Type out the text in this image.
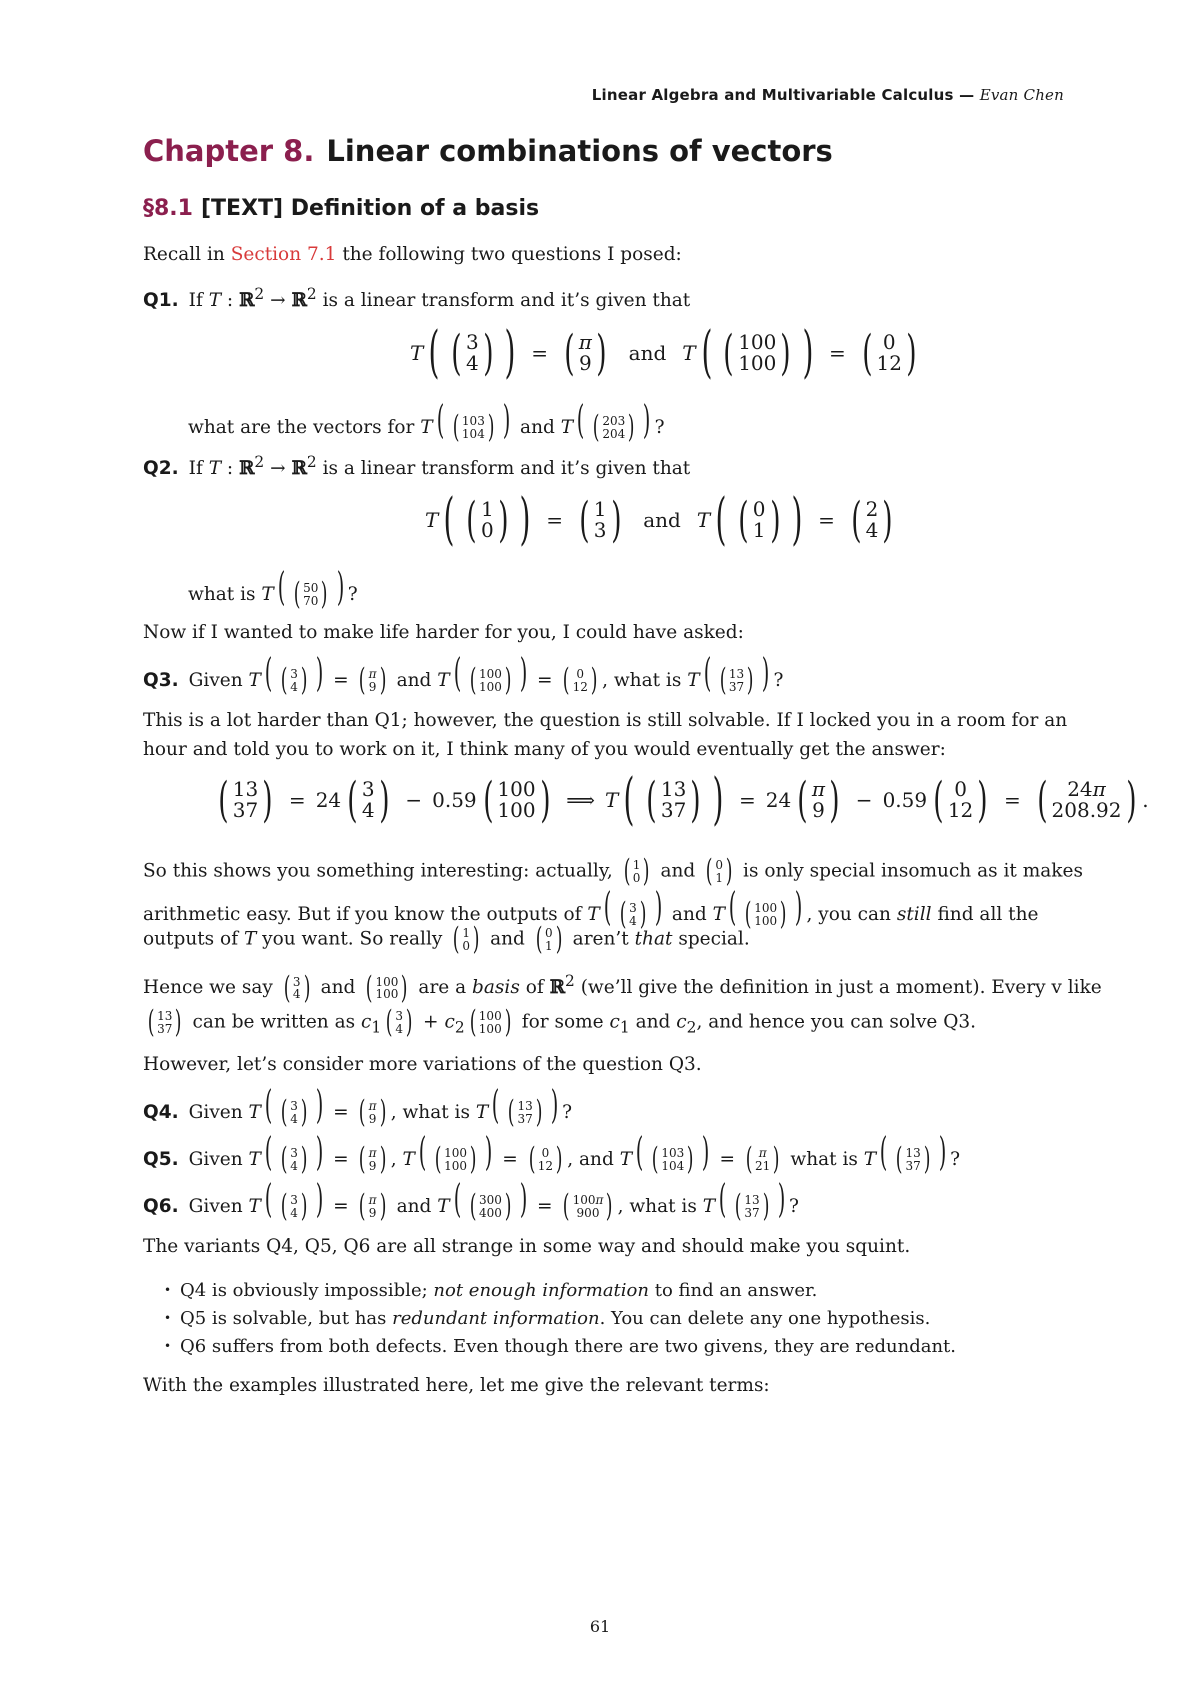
Linear Algebra and Multivariable Calculus — Evan Chen
Chapter 8. Linear combinations of vectors
§8.1 [TEXT] Definition of a basis
Recall in Section 7.1 the following two questions I posed:
Q1. If T : ℝ$^2$ → ℝ$^2$ is a linear transform and it’s given that
T ( ( 3
4 ) ) = ( π
9 ) and T ( ( 100
100 ) ) = ( 0
12 )
what are the vectors for T( ( 103
104 ) ) and T( ( 203
204 ) ) ?
Q2. If T : ℝ$^2$ → ℝ$^2$ is a linear transform and it’s given that
T ( ( 1
0 ) ) = ( 1
3 ) and T ( ( 0
1 ) ) = ( 2
4 )
what is T( ( 50
70 ) ) ?
Now if I wanted to make life harder for you, I could have asked:
Q3. Given T( ( 3
4 ) ) = ( π
9 ) and T( ( 100
100 ) ) = ( 0
12 ) , what is T( ( 13
37 ) ) ?
This is a lot harder than Q1; however, the question is still solvable. If I locked you in a room for an
hour and told you to work on it, I think many of you would eventually get the answer:
( 13
37 ) = 24 ( 3
4 ) − 0.59 ( 100
100 ) ⟹ T ( ( 13
37 ) ) = 24 ( π
9 ) − 0.59 ( 0
12 ) = ( 24π
208.92 ) .
So this shows you something interesting: actually, ( 1
0 ) and ( 0
1 ) is only special insomuch as it makes
arithmetic easy. But if you know the outputs of T( ( 3
4 ) ) and T( ( 100
100 ) ) , you can still find all the
outputs of T you want. So really ( 1
0 ) and ( 0
1 ) aren’t that special.
Hence we say ( 3
4 ) and ( 100
100 ) are a basis of ℝ$^2$ (we’ll give the definition in just a moment). Every v like
( 13
37 ) can be written as $c_1$ ( 3
4 ) + $c_2$ ( 100
100 ) for some $c_1$ and $c_2$, and hence you can solve Q3.
However, let’s consider more variations of the question Q3.
Q4. Given T( ( 3
4 ) ) = ( π
9 ) , what is T( ( 13
37 ) ) ?
Q5. Given T( ( 3
4 ) ) = ( π
9 ) , T( ( 100
100 ) ) = ( 0
12 ) , and T( ( 103
104 ) ) = ( π
21 ) what is T( ( 13
37 ) ) ?
Q6. Given T( ( 3
4 ) ) = ( π
9 ) and T( ( 300
400 ) ) = ( 100π
900 ) , what is T( ( 13
37 ) ) ?
The variants Q4, Q5, Q6 are all strange in some way and should make you squint.
• Q4 is obviously impossible; not enough information to find an answer.
• Q5 is solvable, but has redundant information. You can delete any one hypothesis.
• Q6 suffers from both defects. Even though there are two givens, they are redundant.
With the examples illustrated here, let me give the relevant terms:
61
